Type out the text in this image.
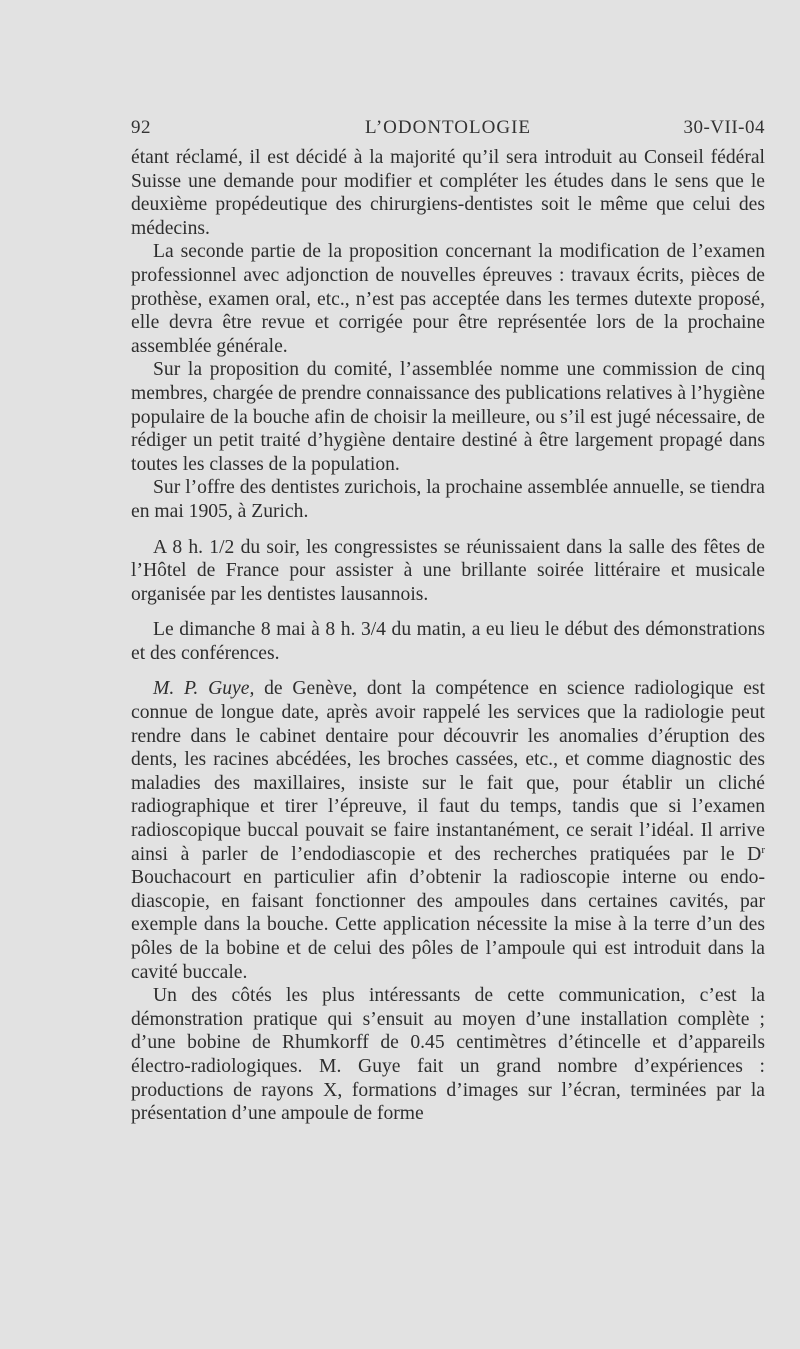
92	L’ODONTOLOGIE	30-VII-04

étant réclamé, il est décidé à la majorité qu’il sera introduit au Conseil fédéral Suisse une demande pour modifier et compléter les études dans le sens que le deuxième propédeutique des chirurgiens-dentistes soit le même que celui des médecins.

La seconde partie de la proposition concernant la modification de l’examen professionnel avec adjonction de nouvelles épreuves : travaux écrits, pièces de prothèse, examen oral, etc., n’est pas acceptée dans les termes dutexte proposé, elle devra être revue et corrigée pour être représentée lors de la prochaine assemblée générale.

Sur la proposition du comité, l’assemblée nomme une commission de cinq membres, chargée de prendre connaissance des publications relatives à l’hygiène populaire de la bouche afin de choisir la meilleure, ou s’il est jugé nécessaire, de rédiger un petit traité d’hygiène dentaire destiné à être largement propagé dans toutes les classes de la population.

Sur l’offre des dentistes zurichois, la prochaine assemblée annuelle, se tiendra en mai 1905, à Zurich.

A 8 h. 1/2 du soir, les congressistes se réunissaient dans la salle des fêtes de l’Hôtel de France pour assister à une brillante soirée littéraire et musicale organisée par les dentistes lausannois.

Le dimanche 8 mai à 8 h. 3/4 du matin, a eu lieu le début des démonstrations et des conférences.

M. P. Guye, de Genève, dont la compétence en science radiologique est connue de longue date, après avoir rappelé les services que la radiologie peut rendre dans le cabinet dentaire pour découvrir les anomalies d’éruption des dents, les racines abcédées, les broches cassées, etc., et comme diagnostic des maladies des maxillaires, insiste sur le fait que, pour établir un cliché radiographique et tirer l’épreuve, il faut du temps, tandis que si l’examen radioscopique buccal pouvait se faire instantanément, ce serait l’idéal. Il arrive ainsi à parler de l’endodiascopie et des recherches pratiquées par le $D^r$ Bouchacourt en particulier afin d’obtenir la radioscopie interne ou endo-diascopie, en faisant fonctionner des ampoules dans certaines cavités, par exemple dans la bouche. Cette application nécessite la mise à la terre d’un des pôles de la bobine et de celui des pôles de l’ampoule qui est introduit dans la cavité buccale.

Un des côtés les plus intéressants de cette communication, c’est la démonstration pratique qui s’ensuit au moyen d’une installation complète ; d’une bobine de Rhumkorff de 0.45 centimètres d’étincelle et d’appareils électro-radiologiques. M. Guye fait un grand nombre d’expériences : productions de rayons X, formations d’images sur l’écran, terminées par la présentation d’une ampoule de forme
